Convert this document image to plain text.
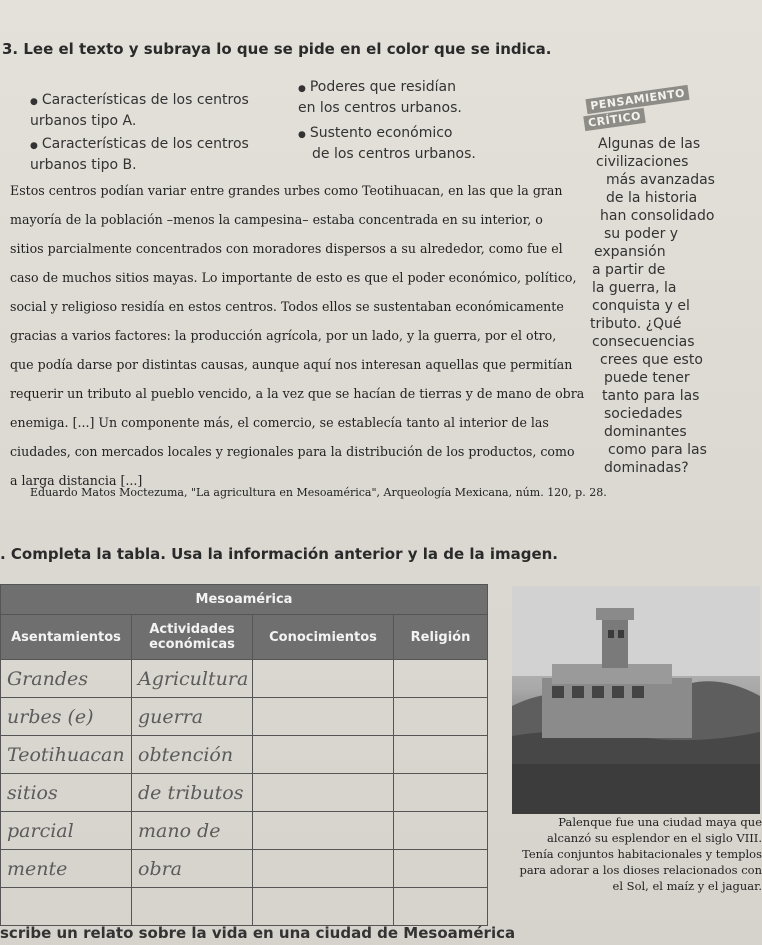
3. Lee el texto y subraya lo que se pide en el color que se indica.
● Características de los centros
urbanos tipo A.
● Poderes que residían
en los centros urbanos.
● Características de los centros
urbanos tipo B.
● Sustento económico
de los centros urbanos.
PENSAMIENTO
CRÍTICO
Algunas de las
civilizaciones
más avanzadas
de la historia
han consolidado
su poder y
expansión
a partir de
la guerra, la
conquista y el
tributo. ¿Qué
consecuencias
crees que esto
puede tener
tanto para las
sociedades
dominantes
como para las
dominadas?
Estos centros podían variar entre grandes urbes como Teotihuacan, en las que la gran
mayoría de la población –menos la campesina– estaba concentrada en su interior, o
sitios parcialmente concentrados con moradores dispersos a su alrededor, como fue el
caso de muchos sitios mayas. Lo importante de esto es que el poder económico, político,
social y religioso residía en estos centros. Todos ellos se sustentaban económicamente
gracias a varios factores: la producción agrícola, por un lado, y la guerra, por el otro,
que podía darse por distintas causas, aunque aquí nos interesan aquellas que permitían
requerir un tributo al pueblo vencido, a la vez que se hacían de tierras y de mano de obra
enemiga. [...] Un componente más, el comercio, se establecía tanto al interior de las
ciudades, con mercados locales y regionales para la distribución de los productos, como
a larga distancia [...]
Eduardo Matos Moctezuma, "La agricultura en Mesoamérica", Arqueología Mexicana, núm. 120, p. 28.
. Completa la tabla. Usa la información anterior y la de la imagen.
Mesoamérica			
Asentamientos	Actividades económicas	Conocimientos	Religión
Grandes	Agricultura		
urbes (e)	guerra		
Teotihuacan	obtención		
sitios	de tributos		
parcial	mano de		
mente	obra		

Palenque fue una ciudad maya que
alcanzó su esplendor en el siglo VIII.
Tenía conjuntos habitacionales y templos
para adorar a los dioses relacionados con
el Sol, el maíz y el jaguar.
scribe un relato sobre la vida en una ciudad de Mesoamérica
